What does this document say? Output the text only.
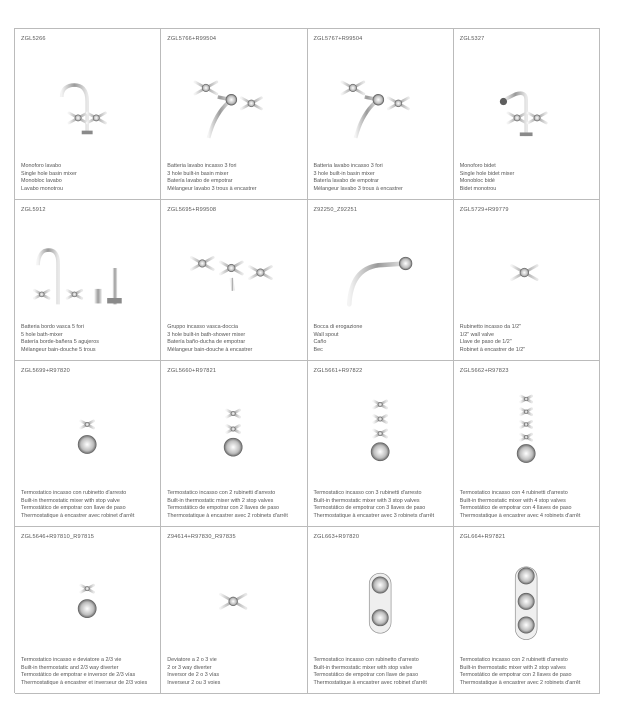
ZGL5266
Monoforo lavabo
Single hole basin mixer
Monobloc lavabo
Lavabo monotrou
ZGL5766+R99504
Batteria lavabo incasso 3 fori
3 hole built-in basin mixer
Batería lavabo de empotrar
Mélangeur lavabo 3 trous à encastrer
ZGL5767+R99504
Batteria lavabo incasso 3 fori
3 hole built-in basin mixer
Batería lavabo de empotrar
Mélangeur lavabo 3 trous à encastrer
ZGL5327
Monoforo bidet
Single hole bidet mixer
Monobloc bidé
Bidet monotrou
ZGL5912
Batteria bordo vasca 5 fori
5 hole bath-mixer
Batería borde-bañera 5 agujeros
Mélangeur bain-douche 5 trous
ZGL5695+R99508
Gruppo incasso vasca-doccia
3 hole built-in bath-shower mixer
Batería baño-ducha de empotrar
Mélangeur bain-douche à encastrer
Z92250_Z92251
Bocca di erogazione
Wall spout
Caño
Bec
ZGL5729+R99779
Rubinetto incasso da 1/2"
1/2" wall valve
Llave de paso de 1/2"
Robinet à encastrer de 1/2"
ZGL5699+R97820
Termostatico incasso con rubinetto d'arresto
Built-in thermostatic mixer with stop valve
Termostático de empotrar con llave de paso
Thermostatique à encastrer avec robinet d'arrêt
ZGL5660+R97821
Termostatico incasso con 2 rubinetti d'arresto
Built-in thermostatic mixer with 2 stop valves
Termostático de empotrar con 2 llaves de paso
Thermostatique à encastrer avec 2 robinets d'arrêt
ZGL5661+R97822
Termostatico incasso con 3 rubinetti d'arresto
Built-in thermostatic mixer with 3 stop valves
Termostático de empotrar con 3 llaves de paso
Thermostatique à encastrer avec 3 robinets d'arrêt
ZGL5662+R97823
Termostatico incasso con 4 rubinetti d'arresto
Built-in thermostatic mixer with 4 stop valves
Termostático de empotrar con 4 llaves de paso
Thermostatique à encastrer avec 4 robinets d'arrêt
ZGL5646+R97810_R97815
Termostatico incasso e deviatore a 2/3 vie
Built-in thermostatic and 2/3 way diverter
Termostático de empotrar e inversor de 2/3 vías
Thermostatique à encastrer et inverseur de 2/3 voies
Z94614+R97830_R97835
Deviatore a 2 o 3 vie
2 or 3 way diverter
Inversor de 2 o 3 vías
Inverseur 2 ou 3 voies
ZGL663+R97820
Termostatico incasso con rubinetto d'arresto
Built-in thermostatic mixer with stop valve
Termostático de empotrar con llave de paso
Thermostatique à encastrer avec robinet d'arrêt
ZGL664+R97821
Termostatico incasso con 2 rubinetti d'arresto
Built-in thermostatic mixer with 2 stop valves
Termostático de empotrar con 2 llaves de paso
Thermostatique à encastrer avec 2 robinets d'arrêt
